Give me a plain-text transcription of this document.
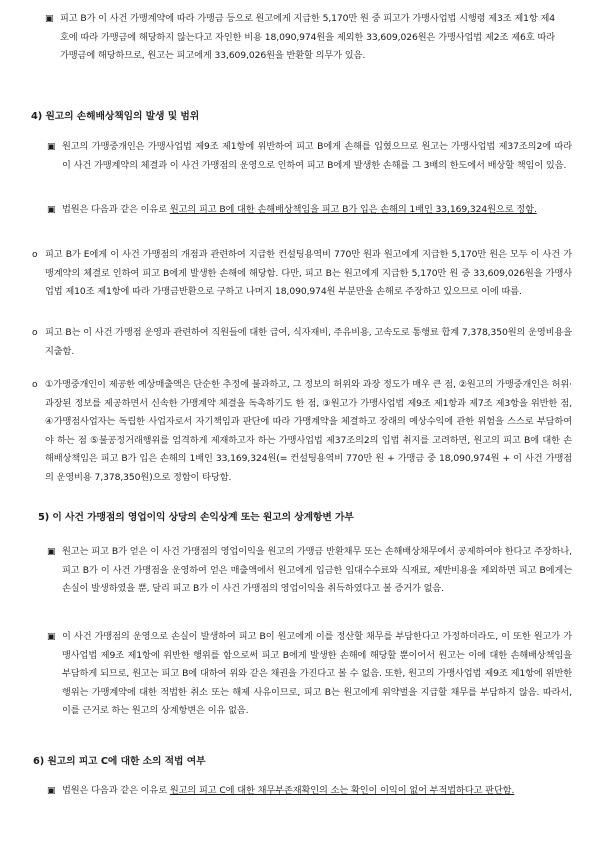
▣ 피고 B가 이 사건 가맹계약에 따라 가맹금 등으로 원고에게 지급한 5,170만 원 중 피고가 가맹사업법 시행령 제3조 제1항 제4호에 따라 가맹금에 해당하지 않는다고 자인한 비용 18,090,974원을 제외한 33,609,026원은 가맹사업법 제2조 제6호 따라 가맹금에 해당하므로, 원고는 피고에게 33,609,026원을 반환할 의무가 있음.

4) 원고의 손해배상책임의 발생 및 범위

▣ 원고의 가맹중개인은 가맹사업법 제9조 제1항에 위반하여 피고 B에게 손해를 입혔으므로 원고는 가맹사업법 제37조의2에 따라 이 사건 가맹계약의 체결과 이 사건 가맹점의 운영으로 인하여 피고 B에게 발생한 손해를 그 3배의 한도에서 배상할 책임이 있음.

▣ 법원은 다음과 같은 이유로 원고의 피고 B에 대한 손해배상책임을 피고 B가 입은 손해의 1배인 33,169,324원으로 정함.

o 피고 B가 E에게 이 사건 가맹점의 개점과 관련하여 지급한 컨설팅용역비 770만 원과 원고에게 지급한 5,170만 원은 모두 이 사건 가맹계약의 체결로 인하여 피고 B에게 발생한 손해에 해당함. 다만, 피고 B는 원고에게 지급한 5,170만 원 중 33,609,026원을 가맹사업법 제10조 제1항에 따라 가맹금반환으로 구하고 나머지 18,090,974원 부분만을 손해로 주장하고 있으므로 이에 따름.

o 피고 B는 이 사건 가맹점 운영과 관련하여 직원들에 대한 급여, 식자재비, 주유비용, 고속도로 통행료 합계 7,378,350원의 운영비용을 지출함.

o ①가맹중개인이 제공한 예상매출액은 단순한 추정에 불과하고, 그 정보의 허위와 과장 정도가 매우 큰 점, ②원고의 가맹중개인은 허위·과장된 정보를 제공하면서 신속한 가맹계약 체결을 독촉하기도 한 점, ③원고가 가맹사업법 제9조 제1항과 제7조 제3항을 위반한 점, ④가맹점사업자는 독립한 사업자로서 자기책임과 판단에 따라 가맹계약을 체결하고 장래의 예상수익에 관한 위험을 스스로 부담하여야 하는 점 ⑤불공정거래행위를 엄격하게 제재하고자 하는 가맹사업법 제37조의2의 입법 취지를 고려하면, 원고의 피고 B에 대한 손해배상책임은 피고 B가 입은 손해의 1배인 33,169,324원(= 컨설팅용역비 770만 원 + 가맹금 중 18,090,974원 + 이 사건 가맹점의 운영비용 7,378,350원)으로 정함이 타당함.

5) 이 사건 가맹점의 영업이익 상당의 손익상계 또는 원고의 상계항변 가부

▣ 원고는 피고 B가 얻은 이 사건 가맹점의 영업이익을 원고의 가맹금 반환채무 또는 손해배상채무에서 공제하여야 한다고 주장하나, 피고 B가 이 사건 가맹점을 운영하여 얻은 매출액에서 원고에게 입금한 임대수수료와 식재료, 제반비용을 제외하면 피고 B에게는 손실이 발생하였을 뿐, 달리 피고 B가 이 사건 가맹점의 영업이익을 취득하였다고 볼 증거가 없음.

▣ 이 사건 가맹점의 운영으로 손실이 발생하여 피고 B이 원고에게 이를 정산할 채무를 부담한다고 가정하더라도, 이 또한 원고가 가맹사업법 제9조 제1항에 위반한 행위를 함으로써 피고 B에게 발생한 손해에 해당할 뿐이어서 원고는 이에 대한 손해배상책임을 부담하게 되므로, 원고는 피고 B에 대하여 위와 같은 채권을 가진다고 볼 수 없음. 또한, 원고의 가맹사업법 제9조 제1항에 위반한 행위는 가맹계약에 대한 적법한 취소 또는 해제 사유이므로, 피고 B는 원고에게 위약벌을 지급할 채무를 부담하지 않음. 따라서, 이를 근거로 하는 원고의 상계항변은 이유 없음.

6) 원고의 피고 C에 대한 소의 적법 여부

▣ 법원은 다음과 같은 이유로 원고의 피고 C에 대한 채무부존재확인의 소는 확인이 이익이 없어 부적법하다고 판단함.
